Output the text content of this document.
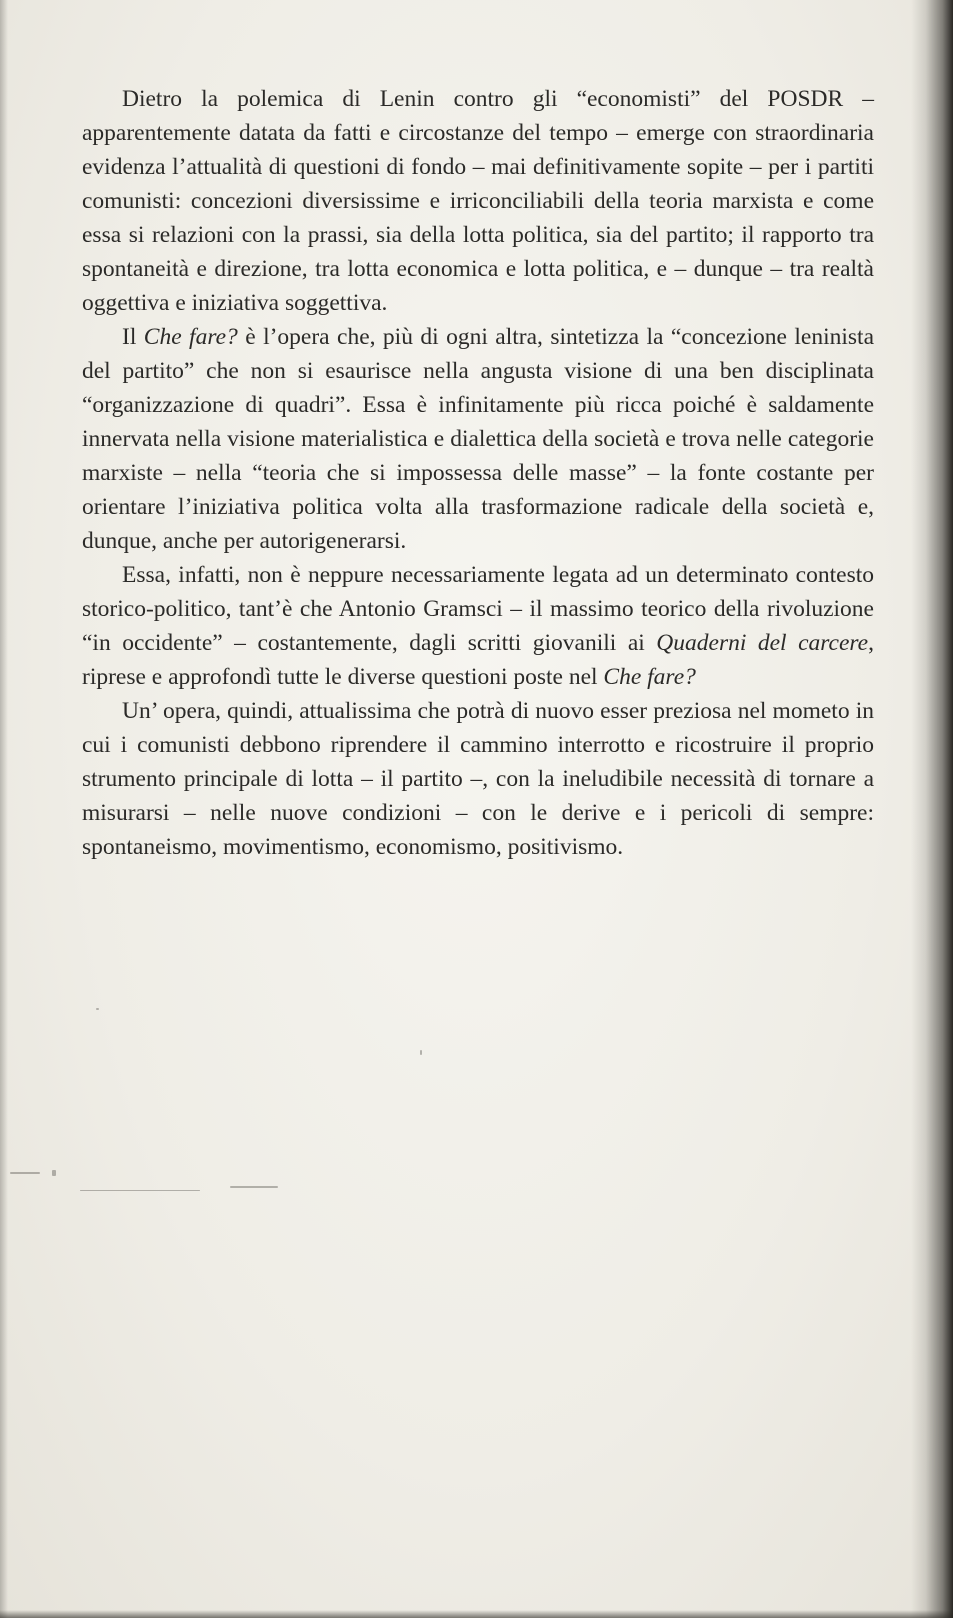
Dietro la polemica di Lenin contro gli “economisti” del POSDR – apparentemente datata da fatti e circostanze del tempo – emerge con straordinaria evidenza l’attualità di questioni di fondo – mai definitivamente sopite – per i partiti comunisti: concezioni diversissime e irriconciliabili della teoria marxista e come essa si relazioni con la prassi, sia della lotta politica, sia del partito; il rapporto tra spontaneità e direzione, tra lotta economica e lotta politica, e – dunque – tra realtà oggettiva e iniziativa soggettiva.

Il Che fare? è l’opera che, più di ogni altra, sintetizza la “concezione leninista del partito” che non si esaurisce nella angusta visione di una ben disciplinata “organizzazione di quadri”. Essa è infinitamente più ricca poiché è saldamente innervata nella visione materialistica e dialettica della società e trova nelle categorie marxiste – nella “teoria che si impossessa delle masse” – la fonte costante per orientare l’iniziativa politica volta alla trasformazione radicale della società e, dunque, anche per autorigenerarsi.

Essa, infatti, non è neppure necessariamente legata ad un determinato contesto storico-politico, tant’è che Antonio Gramsci – il massimo teorico della rivoluzione “in occidente” – costantemente, dagli scritti giovanili ai Quaderni del carcere, riprese e approfondì tutte le diverse questioni poste nel Che fare?

Un’ opera, quindi, attualissima che potrà di nuovo esser preziosa nel mometo in cui i comunisti debbono riprendere il cammino interrotto e ricostruire il proprio strumento principale di lotta – il partito –, con la ineludibile necessità di tornare a misurarsi – nelle nuove condizioni – con le derive e i pericoli di sempre: spontaneismo, movimentismo, economismo, positivismo.
